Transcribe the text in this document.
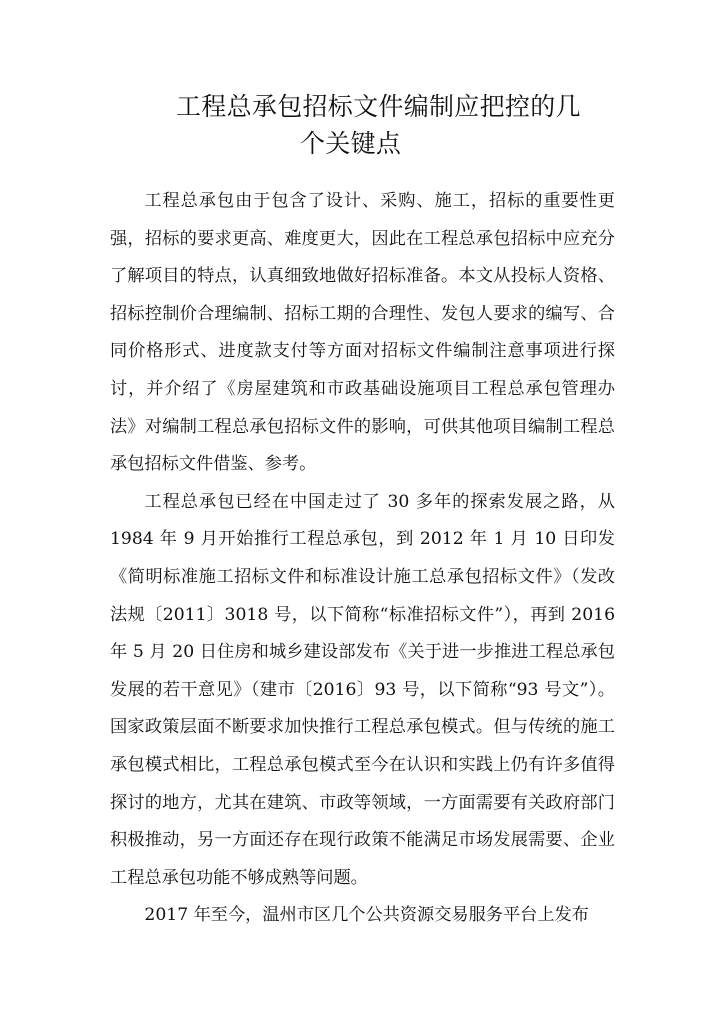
工程总承包招标文件编制应把控的几
个关键点

工程总承包由于包含了设计、采购、施工，招标的重要性更强，招标的要求更高、难度更大，因此在工程总承包招标中应充分了解项目的特点，认真细致地做好招标准备。本文从投标人资格、招标控制价合理编制、招标工期的合理性、发包人要求的编写、合同价格形式、进度款支付等方面对招标文件编制注意事项进行探讨，并介绍了《房屋建筑和市政基础设施项目工程总承包管理办法》对编制工程总承包招标文件的影响，可供其他项目编制工程总承包招标文件借鉴、参考。

工程总承包已经在中国走过了 30 多年的探索发展之路，从 1984 年 9 月开始推行工程总承包，到 2012 年 1 月 10 日印发《简明标准施工招标文件和标准设计施工总承包招标文件》（发改法规〔2011〕3018 号，以下简称“标准招标文件”），再到 2016 年 5 月 20 日住房和城乡建设部发布《关于进一步推进工程总承包发展的若干意见》（建市〔2016〕93 号，以下简称“93 号文”）。国家政策层面不断要求加快推行工程总承包模式。但与传统的施工承包模式相比，工程总承包模式至今在认识和实践上仍有许多值得探讨的地方，尤其在建筑、市政等领域，一方面需要有关政府部门积极推动，另一方面还存在现行政策不能满足市场发展需要、企业工程总承包功能不够成熟等问题。

2017 年至今，温州市区几个公共资源交易服务平台上发布
